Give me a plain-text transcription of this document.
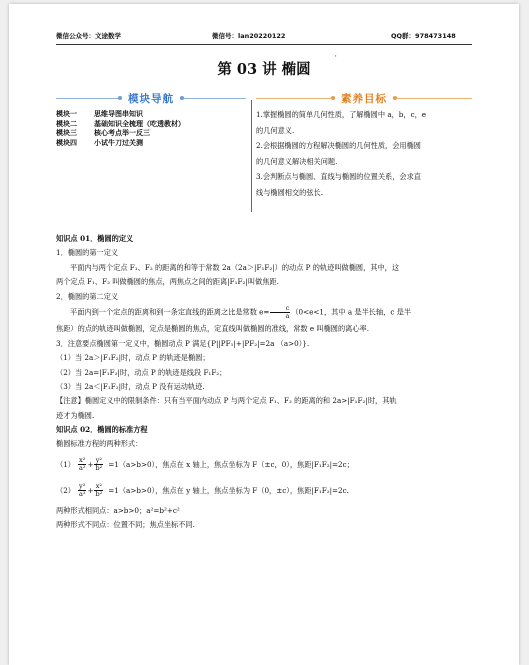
微信公众号：文途数学	微信号：lan20220122	QQ群：978473148
第 03 讲 椭圆
'
模块导航	素养目标
模块一	思维导图串知识
模块二	基础知识全梳理（吃透教材）
模块三	核心考点举一反三
模块四	小试牛刀过关测

1.掌握椭圆的简单几何性质，了解椭圆中 a，b，c，e

的几何意义.

2.会根据椭圆的方程解决椭圆的几何性质，会用椭圆

的几何意义解决相关问题.

3.会判断点与椭圆、直线与椭圆的位置关系，会求直

线与椭圆相交的弦长.

知识点 01．椭圆的定义

1．椭圆的第一定义

平面内与两个定点 F₁、F₂ 的距离的和等于常数 2a（2a＞|F₁F₂|）的动点 P 的轨迹叫做椭圆，其中，这

两个定点 F₁、F₂ 叫做椭圆的焦点，两焦点之间的距离|F₁F₂|叫做焦距.

2．椭圆的第二定义

平面内到一个定点的距离和到一条定直线的距离之比是常数 $e= \frac{c}{a} (0<e<1$，其中 a 是半长轴，c 是半

焦距）的点的轨迹叫做椭圆，定点是椭圆的焦点，定直线叫做椭圆的准线，常数 e 叫椭圆的离心率.

3．注意要点椭圆第一定义中，椭圆动点 P 满足{P||PF₁|+|PF₂|=2a （a>0）}.

（1）当 2a＞|F₁F₂|时，动点 P 的轨迹是椭圆；

（2）当 2a=|F₁F₂|时，动点 P 的轨迹是线段 F₁F₂；

（3）当 2a＜|F₁F₂|时，动点 P 没有运动轨迹.

【注意】椭圆定义中的限制条件：只有当平面内动点 P 与两个定点 F₁、F₂ 的距离的和 2a>|F₁F₂|时，其轨

迹才为椭圆.

知识点 02．椭圆的标准方程

椭圆标准方程的两种形式：

$(1) \frac{\text{x²}}{\text{a²}} + \frac{\text{y²}}{\text{b²}} =1(a>b>0)$，焦点在 x 轴上，焦点坐标为 F（±c，0），焦距|F₁F₂|=2c；
$(2) \frac{\text{y²}}{\text{a²}} + \frac{\text{x²}}{\text{b²}} =1(a>b>0)$，焦点在 y 轴上，焦点坐标为 F（0，±c），焦距|F₁F₂|=2c.

两种形式相同点：a>b>0；a²=b²+c²

两种形式不同点：位置不同；焦点坐标不同.
